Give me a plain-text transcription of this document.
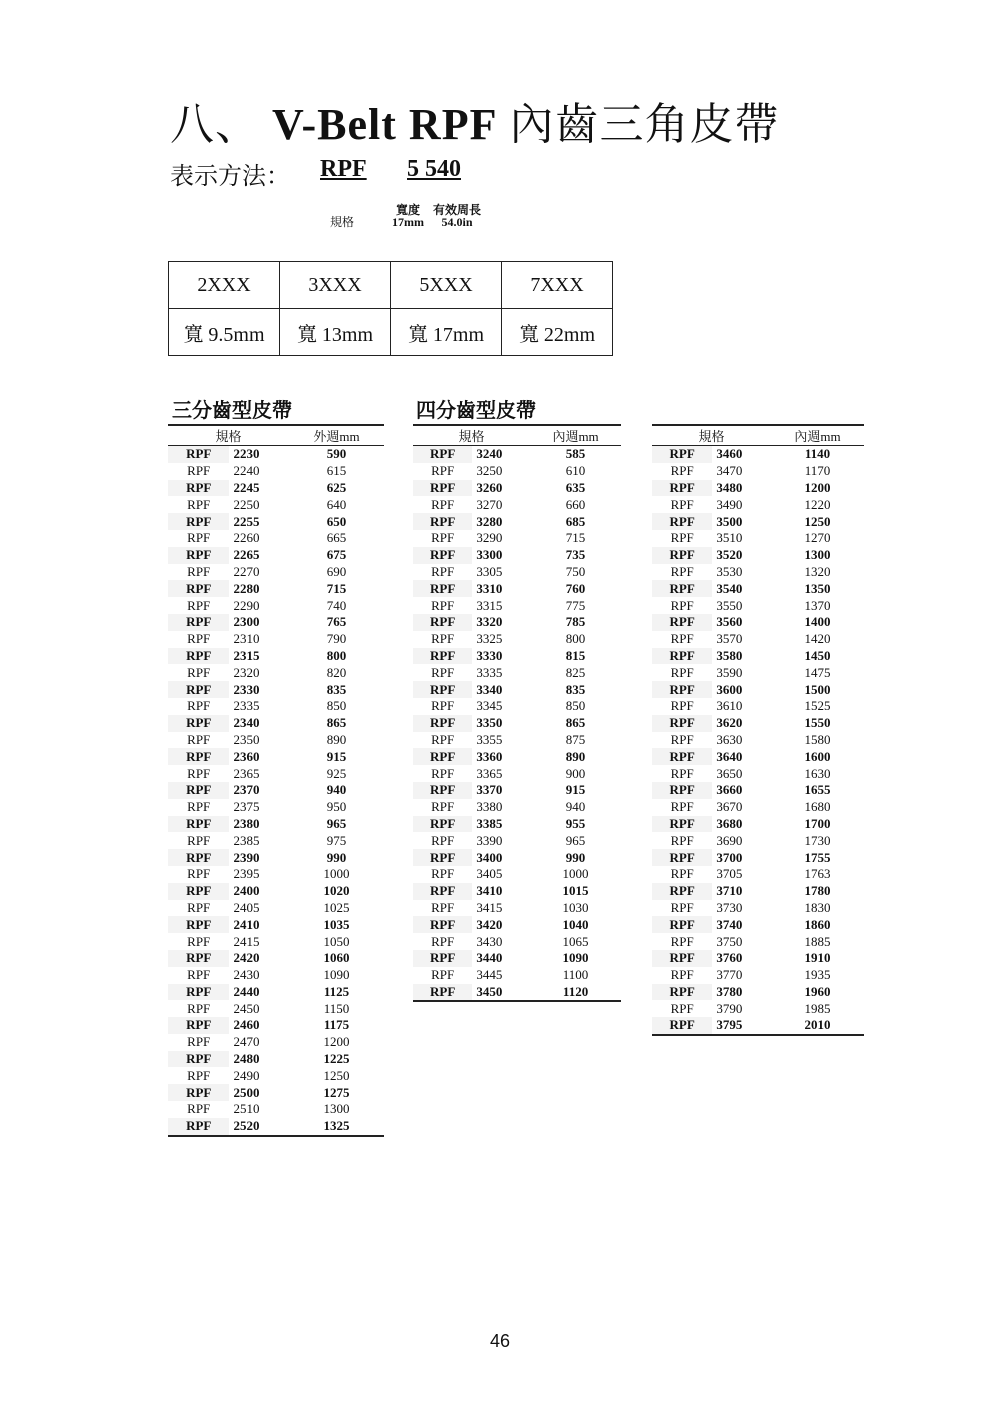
八、 V-Belt RPF 內齒三角皮帶
表示方法： RPF 5 540
規格
寬度
17mm
有效周長
54.0in
2XXX	3XXX	5XXX	7XXX
寬 9.5mm	寬 13mm	寬 17mm	寬 22mm
三分齒型皮帶	四分齒型皮帶
規格		外週mm
RPF	2230	590
RPF	2240	615
RPF	2245	625
RPF	2250	640
RPF	2255	650
RPF	2260	665
RPF	2265	675
RPF	2270	690
RPF	2280	715
RPF	2290	740
RPF	2300	765
RPF	2310	790
RPF	2315	800
RPF	2320	820
RPF	2330	835
RPF	2335	850
RPF	2340	865
RPF	2350	890
RPF	2360	915
RPF	2365	925
RPF	2370	940
RPF	2375	950
RPF	2380	965
RPF	2385	975
RPF	2390	990
RPF	2395	1000
RPF	2400	1020
RPF	2405	1025
RPF	2410	1035
RPF	2415	1050
RPF	2420	1060
RPF	2430	1090
RPF	2440	1125
RPF	2450	1150
RPF	2460	1175
RPF	2470	1200
RPF	2480	1225
RPF	2490	1250
RPF	2500	1275
RPF	2510	1300
RPF	2520	1325
規格		內週mm
RPF	3240	585
RPF	3250	610
RPF	3260	635
RPF	3270	660
RPF	3280	685
RPF	3290	715
RPF	3300	735
RPF	3305	750
RPF	3310	760
RPF	3315	775
RPF	3320	785
RPF	3325	800
RPF	3330	815
RPF	3335	825
RPF	3340	835
RPF	3345	850
RPF	3350	865
RPF	3355	875
RPF	3360	890
RPF	3365	900
RPF	3370	915
RPF	3380	940
RPF	3385	955
RPF	3390	965
RPF	3400	990
RPF	3405	1000
RPF	3410	1015
RPF	3415	1030
RPF	3420	1040
RPF	3430	1065
RPF	3440	1090
RPF	3445	1100
RPF	3450	1120
規格		內週mm
RPF	3460	1140
RPF	3470	1170
RPF	3480	1200
RPF	3490	1220
RPF	3500	1250
RPF	3510	1270
RPF	3520	1300
RPF	3530	1320
RPF	3540	1350
RPF	3550	1370
RPF	3560	1400
RPF	3570	1420
RPF	3580	1450
RPF	3590	1475
RPF	3600	1500
RPF	3610	1525
RPF	3620	1550
RPF	3630	1580
RPF	3640	1600
RPF	3650	1630
RPF	3660	1655
RPF	3670	1680
RPF	3680	1700
RPF	3690	1730
RPF	3700	1755
RPF	3705	1763
RPF	3710	1780
RPF	3730	1830
RPF	3740	1860
RPF	3750	1885
RPF	3760	1910
RPF	3770	1935
RPF	3780	1960
RPF	3790	1985
RPF	3795	2010
46
